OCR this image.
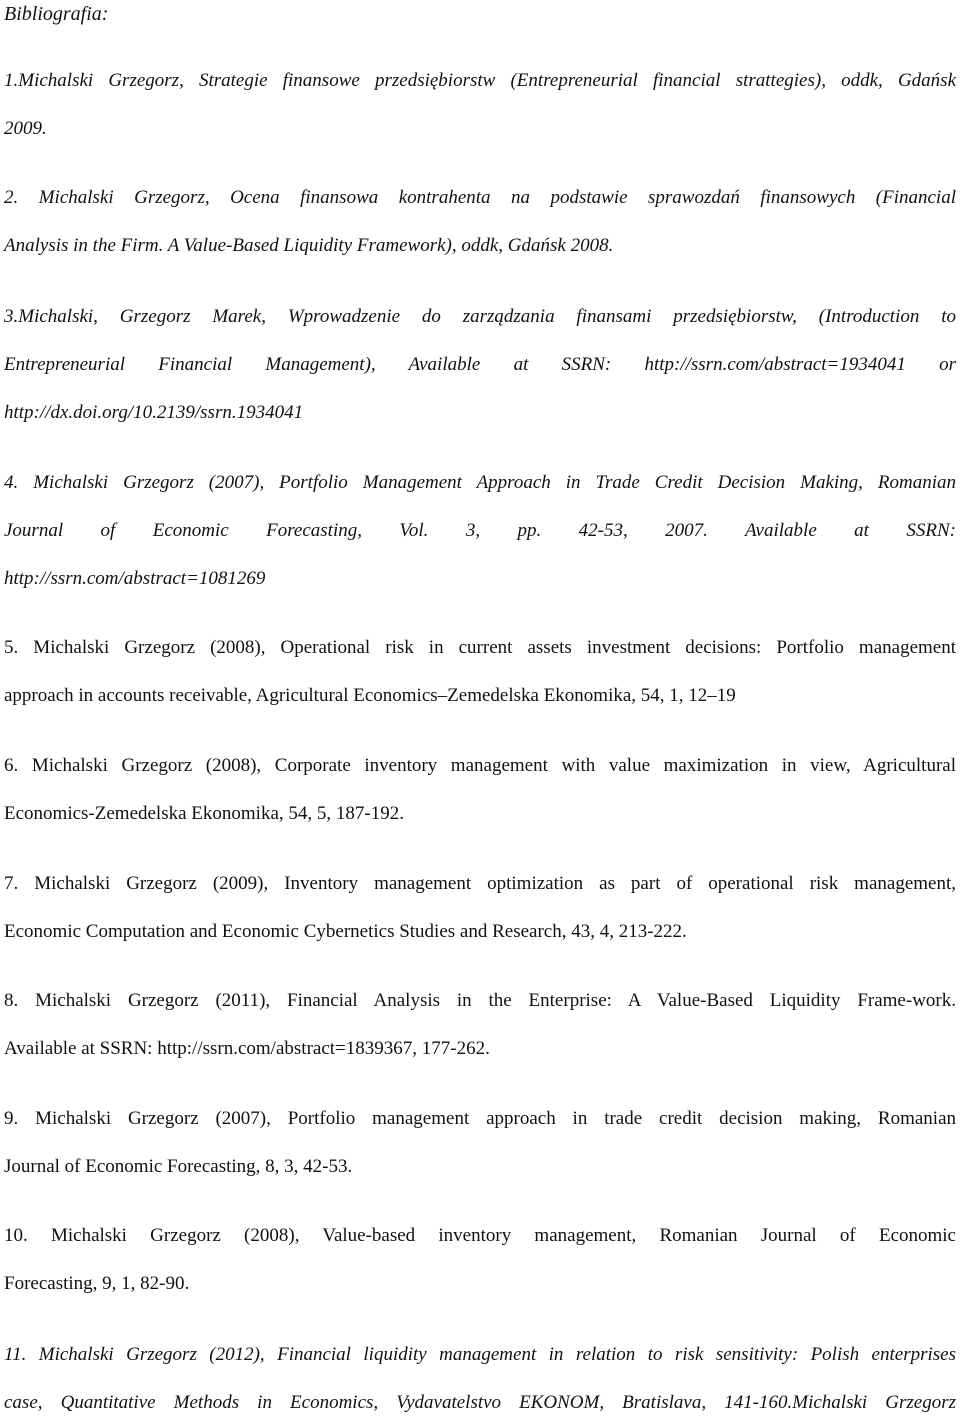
Bibliografia:
1.Michalski Grzegorz, Strategie finansowe przedsiębiorstw (Entrepreneurial financial strattegies), oddk, Gdańsk
2009.
2. Michalski Grzegorz, Ocena finansowa kontrahenta na podstawie sprawozdań finansowych (Financial
Analysis in the Firm. A Value-Based Liquidity Framework), oddk, Gdańsk 2008.
3.Michalski, Grzegorz Marek, Wprowadzenie do zarządzania finansami przedsiębiorstw, (Introduction to
Entrepreneurial Financial Management), Available at SSRN: http://ssrn.com/abstract=1934041 or
http://dx.doi.org/10.2139/ssrn.1934041
4. Michalski Grzegorz (2007), Portfolio Management Approach in Trade Credit Decision Making, Romanian
Journal of Economic Forecasting, Vol. 3, pp. 42-53, 2007. Available at SSRN:
http://ssrn.com/abstract=1081269
5. Michalski Grzegorz (2008), Operational risk in current assets investment decisions: Portfolio management
approach in accounts receivable, Agricultural Economics–Zemedelska Ekonomika, 54, 1, 12–19
6. Michalski Grzegorz (2008), Corporate inventory management with value maximization in view, Agricultural
Economics-Zemedelska Ekonomika, 54, 5, 187-192.
7. Michalski Grzegorz (2009), Inventory management optimization as part of operational risk management,
Economic Computation and Economic Cybernetics Studies and Research, 43, 4, 213-222.
8. Michalski Grzegorz (2011), Financial Analysis in the Enterprise: A Value-Based Liquidity Frame-work.
Available at SSRN: http://ssrn.com/abstract=1839367, 177-262.
9. Michalski Grzegorz (2007), Portfolio management approach in trade credit decision making, Romanian
Journal of Economic Forecasting, 8, 3, 42-53.
10. Michalski Grzegorz (2008), Value-based inventory management, Romanian Journal of Economic
Forecasting, 9, 1, 82-90.
11. Michalski Grzegorz (2012), Financial liquidity management in relation to risk sensitivity: Polish enterprises
case, Quantitative Methods in Economics, Vydavatelstvo EKONOM, Bratislava, 141-160.Michalski Grzegorz
